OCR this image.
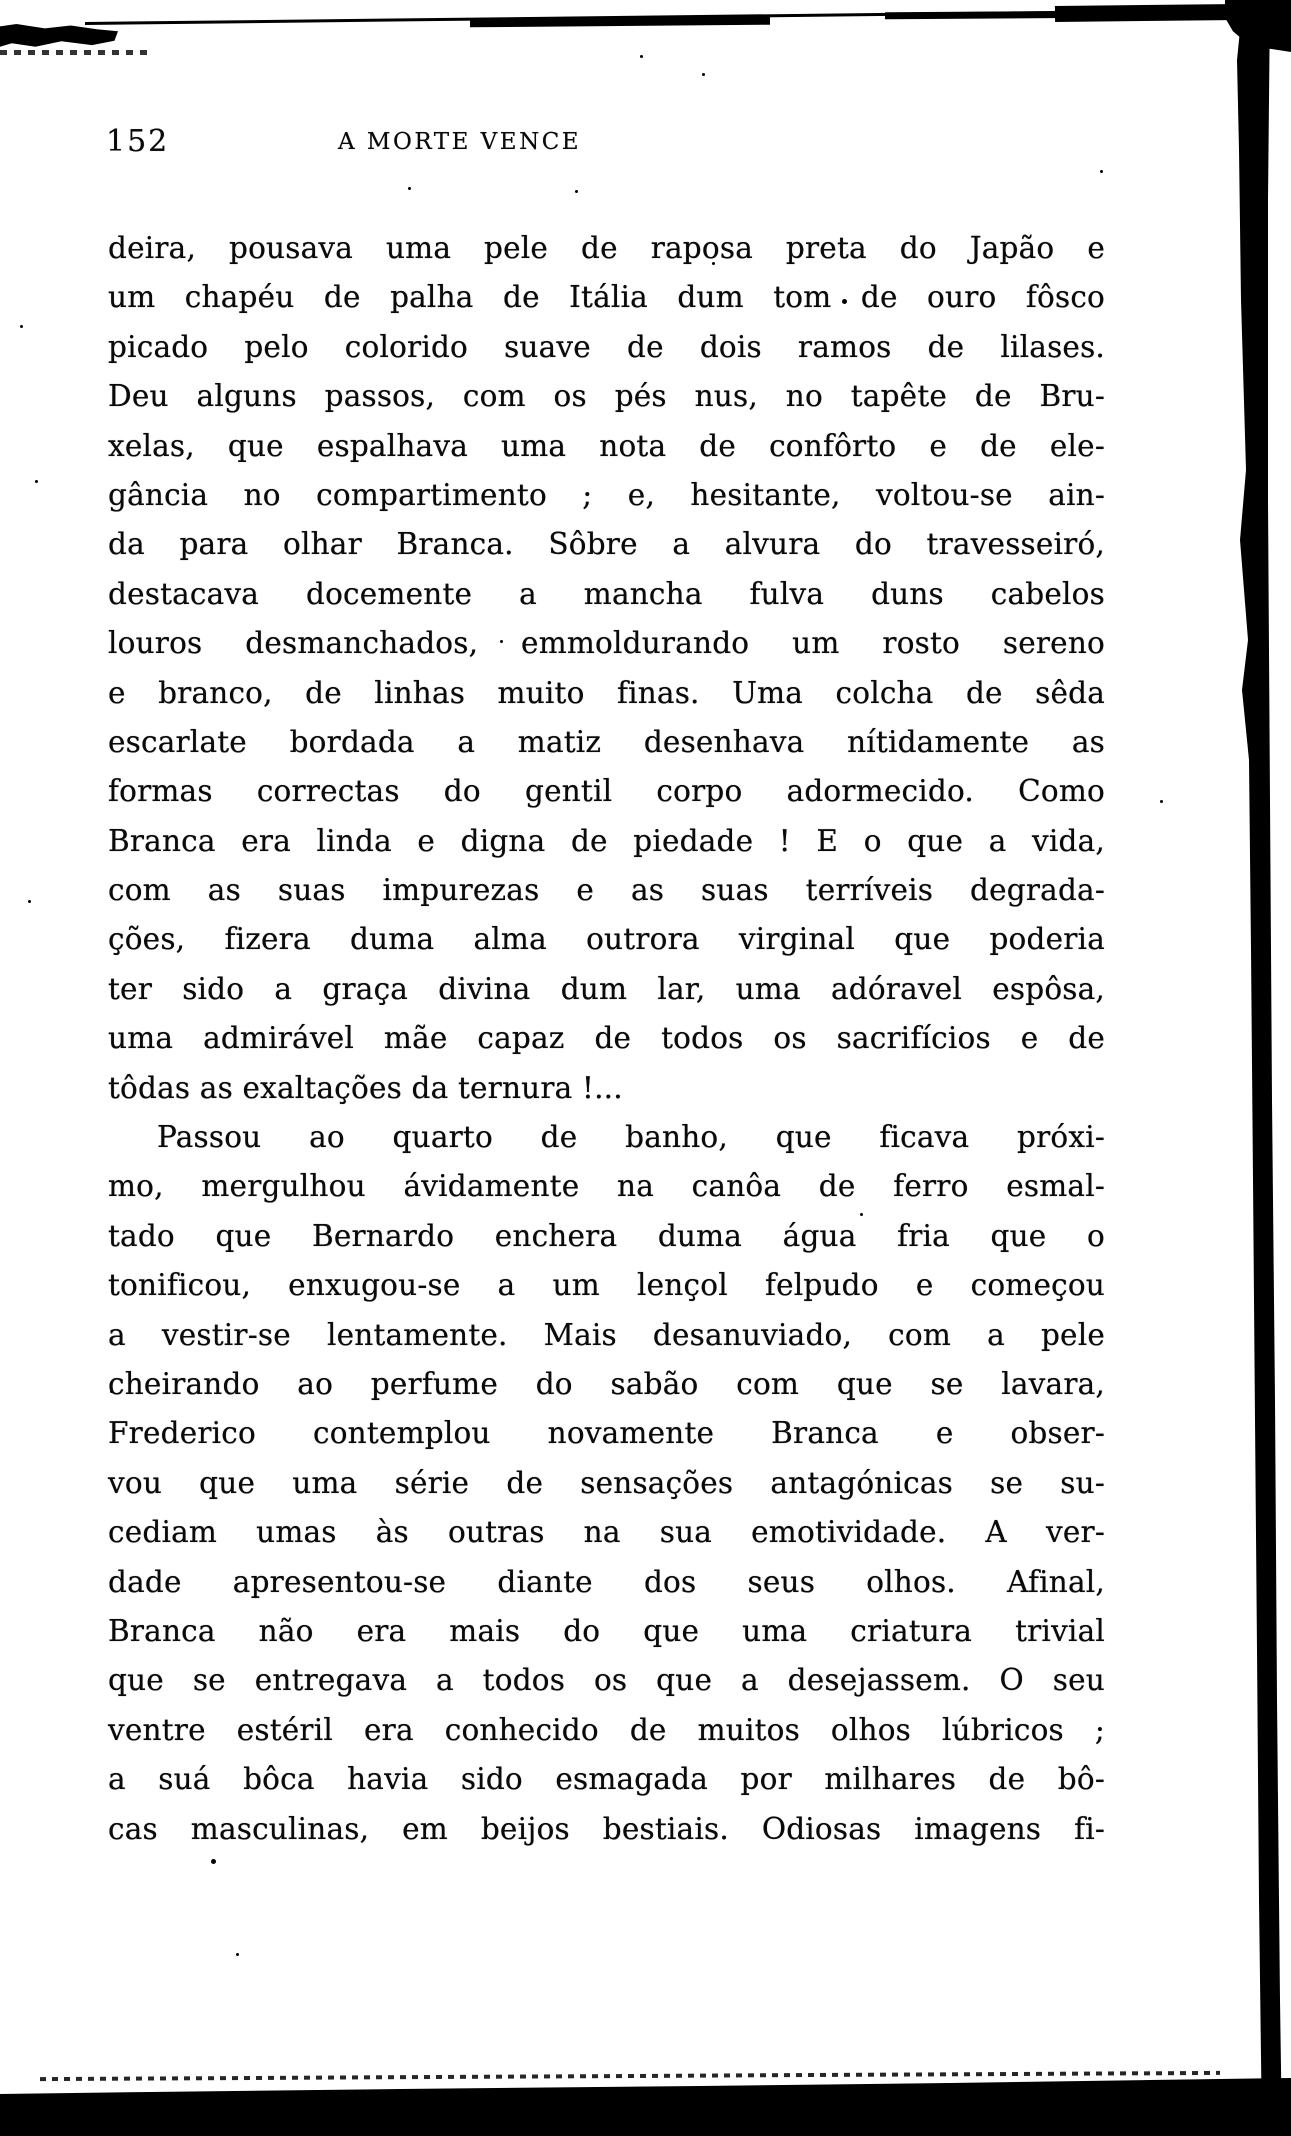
152	A MORTE VENCE
deira, pousava uma pele de raposa preta do Japão e
um chapéu de palha de Itália dum tom de ouro fôsco
picado pelo colorido suave de dois ramos de lilases.
Deu alguns passos, com os pés nus, no tapête de Bru-
xelas, que espalhava uma nota de confôrto e de ele-
gância no compartimento ; e, hesitante, voltou-se ain-
da para olhar Branca. Sôbre a alvura do travesseiró,
destacava docemente a mancha fulva duns cabelos
louros desmanchados, emmoldurando um rosto sereno
e branco, de linhas muito finas. Uma colcha de sêda
escarlate bordada a matiz desenhava nítidamente as
formas correctas do gentil corpo adormecido. Como
Branca era linda e digna de piedade ! E o que a vida,
com as suas impurezas e as suas terríveis degrada-
ções, fizera duma alma outrora virginal que poderia
ter sido a graça divina dum lar, uma adóravel espôsa,
uma admirável mãe capaz de todos os sacrifícios e de
tôdas as exaltações da ternura !...
Passou ao quarto de banho, que ficava próxi-
mo, mergulhou ávidamente na canôa de ferro esmal-
tado que Bernardo enchera duma água fria que o
tonificou, enxugou-se a um lençol felpudo e começou
a vestir-se lentamente. Mais desanuviado, com a pele
cheirando ao perfume do sabão com que se lavara,
Frederico contemplou novamente Branca e obser-
vou que uma série de sensações antagónicas se su-
cediam umas às outras na sua emotividade. A ver-
dade apresentou-se diante dos seus olhos. Afinal,
Branca não era mais do que uma criatura trivial
que se entregava a todos os que a desejassem. O seu
ventre estéril era conhecido de muitos olhos lúbricos ;
a suá bôca havia sido esmagada por milhares de bô-
cas masculinas, em beijos bestiais. Odiosas imagens fi-
